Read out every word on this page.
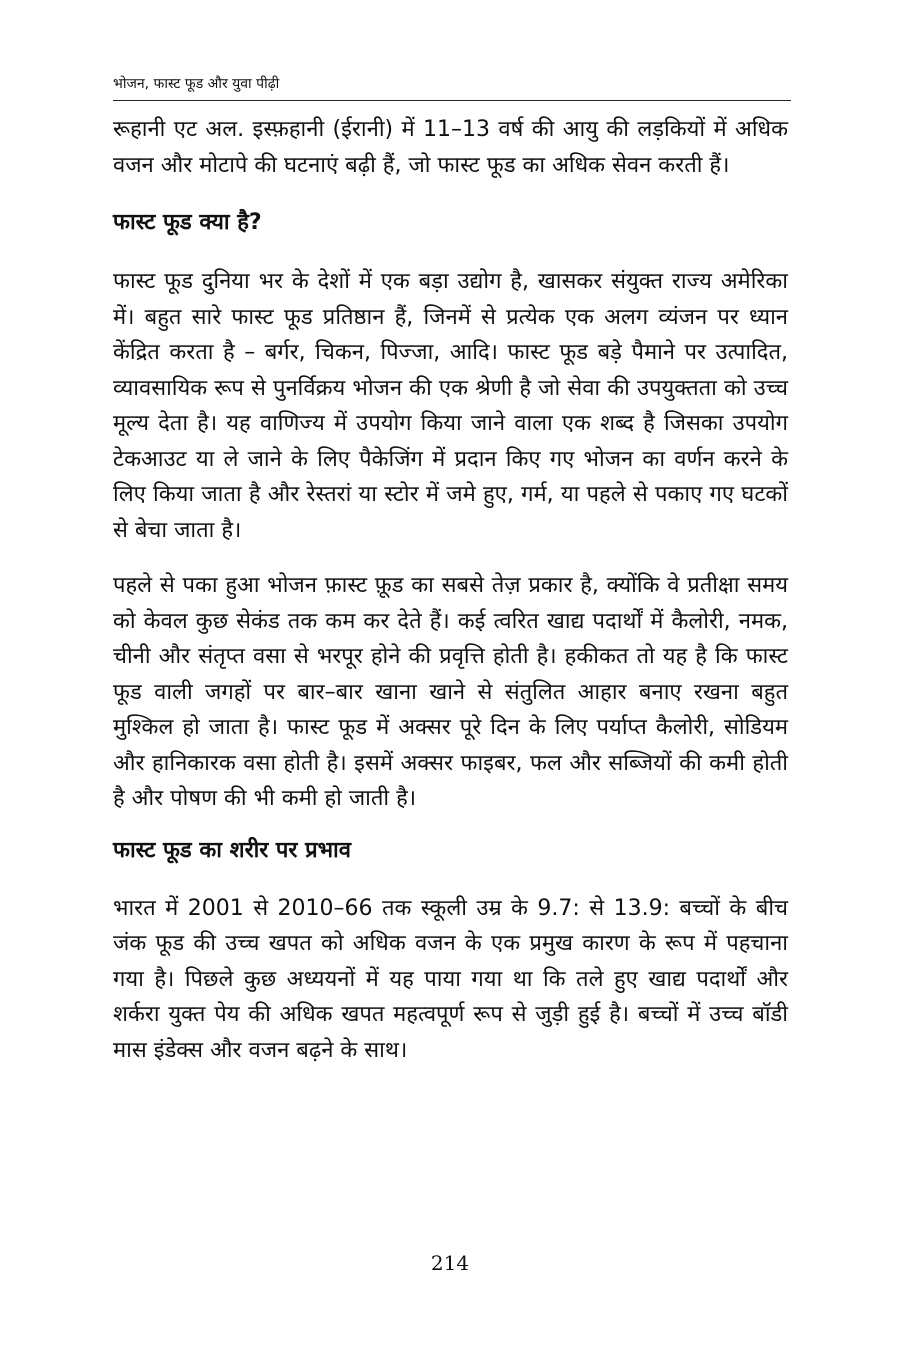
भोजन, फास्ट फूड और युवा पीढ़ी

रूहानी एट अल. इस्फ़हानी (ईरानी) में 11–13 वर्ष की आयु की लड़कियों में अधिक वजन और मोटापे की घटनाएं बढ़ी हैं, जो फास्ट फूड का अधिक सेवन करती हैं।

फास्ट फूड क्या है?

फास्ट फूड दुनिया भर के देशों में एक बड़ा उद्योग है, खासकर संयुक्त राज्य अमेरिका में। बहुत सारे फास्ट फूड प्रतिष्ठान हैं, जिनमें से प्रत्येक एक अलग व्यंजन पर ध्यान केंद्रित करता है – बर्गर, चिकन, पिज्जा, आदि। फास्ट फूड बड़े पैमाने पर उत्पादित, व्यावसायिक रूप से पुनर्विक्रय भोजन की एक श्रेणी है जो सेवा की उपयुक्तता को उच्च मूल्य देता है। यह वाणिज्य में उपयोग किया जाने वाला एक शब्द है जिसका उपयोग टेकआउट या ले जाने के लिए पैकेजिंग में प्रदान किए गए भोजन का वर्णन करने के लिए किया जाता है और रेस्तरां या स्टोर में जमे हुए, गर्म, या पहले से पकाए गए घटकों से बेचा जाता है।

पहले से पका हुआ भोजन फ़ास्ट फ़ूड का सबसे तेज़ प्रकार है, क्योंकि वे प्रतीक्षा समय को केवल कुछ सेकंड तक कम कर देते हैं। कई त्वरित खाद्य पदार्थों में कैलोरी, नमक, चीनी और संतृप्त वसा से भरपूर होने की प्रवृत्ति होती है। हकीकत तो यह है कि फास्ट फूड वाली जगहों पर बार–बार खाना खाने से संतुलित आहार बनाए रखना बहुत मुश्किल हो जाता है। फास्ट फूड में अक्सर पूरे दिन के लिए पर्याप्त कैलोरी, सोडियम और हानिकारक वसा होती है। इसमें अक्सर फाइबर, फल और सब्जियों की कमी होती है और पोषण की भी कमी हो जाती है।

फास्ट फूड का शरीर पर प्रभाव

भारत में 2001 से 2010–66 तक स्कूली उम्र के 9.7: से 13.9: बच्चों के बीच जंक फूड की उच्च खपत को अधिक वजन के एक प्रमुख कारण के रूप में पहचाना गया है। पिछले कुछ अध्ययनों में यह पाया गया था कि तले हुए खाद्य पदार्थों और शर्करा युक्त पेय की अधिक खपत महत्वपूर्ण रूप से जुड़ी हुई है। बच्चों में उच्च बॉडी मास इंडेक्स और वजन बढ़ने के साथ।

214
